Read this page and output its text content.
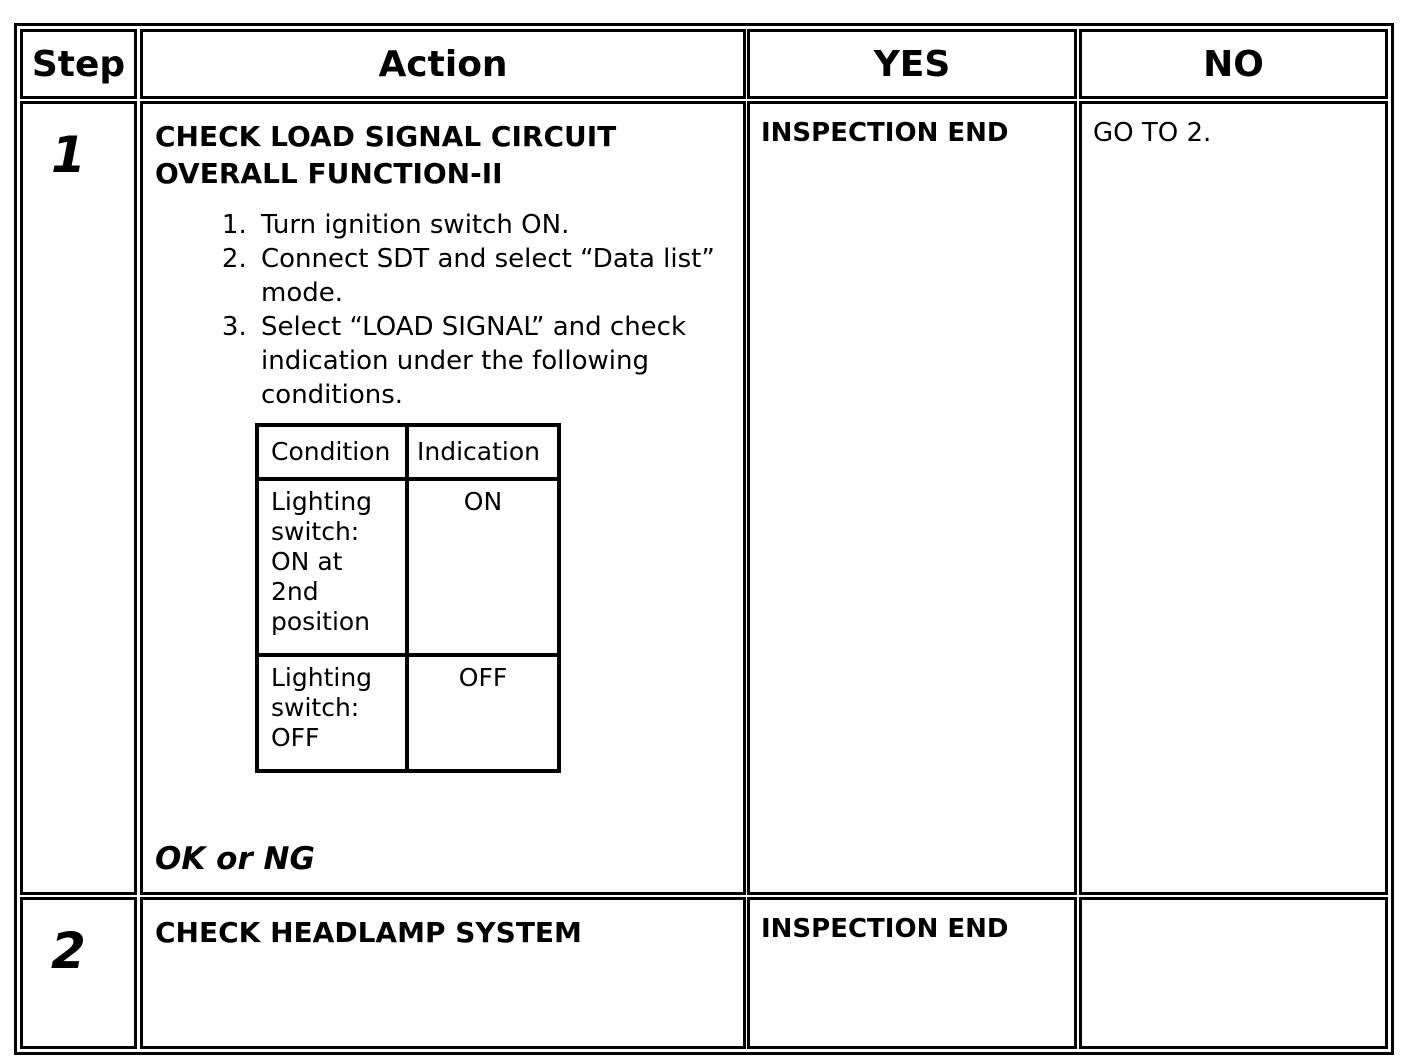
Step	Action	YES	NO
1 CHECK LOAD SIGNAL CIRCUIT
OVERALL FUNCTION-II
1. Turn ignition switch ON.
2. Connect SDT and select “Data list” mode.
3. Select “LOAD SIGNAL” and check indication under the following conditions.
Condition	Indication

Lighting
switch:
ON at
2nd
position	ON

Lighting
switch:
OFF	OFF
OK or NG
INSPECTION END	GO TO 2.
2 CHECK HEADLAMP SYSTEM	INSPECTION END
